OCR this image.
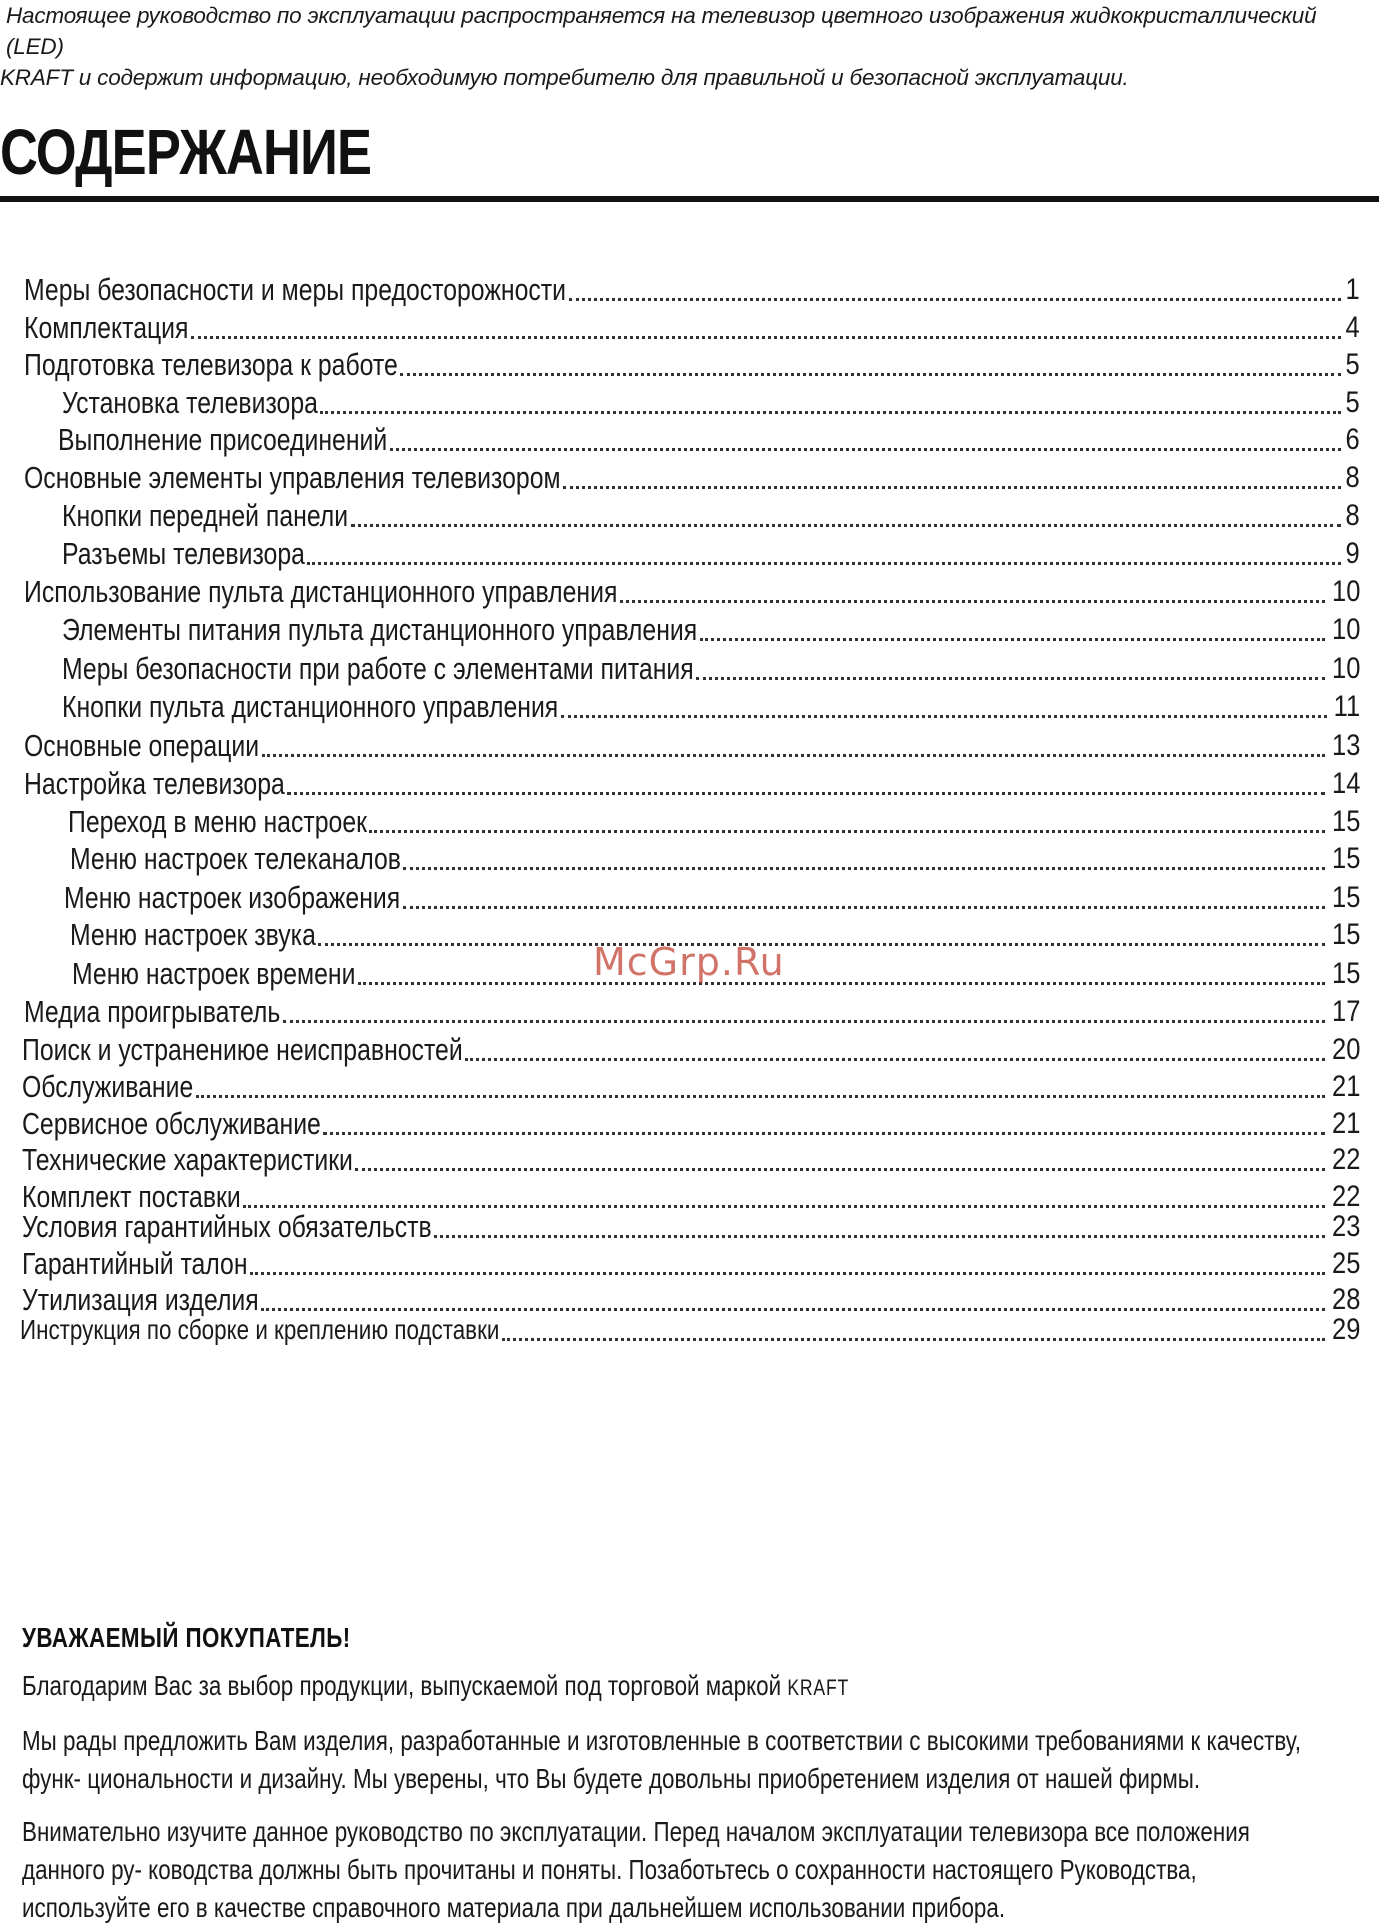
Настоящее руководство по эксплуатации распространяется на телевизор цветного изображения жидкокристаллический (LED)

KRAFT и содержит информацию, необходимую потребителю для правильной и безопасной эксплуатации.

СОДЕРЖАНИЕ
Меры безопасности и меры предосторожности	1
Комплектация	4
Подготовка телевизора к работе	5
Установка телевизора	5
Выполнение присоединений	6
Основные элементы управления телевизором	8
Кнопки передней панели	8
Разъемы телевизора	9
Использование пульта дистанционного управления	10
Элементы питания пульта дистанционного управления	10
Меры безопасности при работе с элементами питания	10
Кнопки пульта дистанционного управления	11
Основные операции	13
Настройка телевизора	14
Переход в меню настроек	15
Меню настроек телеканалов	15
Меню настроек изображения	15
Меню настроек звука	15
Меню настроек времени	15
Медиа проигрыватель	17
Поиск и устранениюе неисправностей	20
Обслуживание	21
Сервисное обслуживание	21
Технические характеристики	22
Комплект поставки	22
Условия гарантийных обязательств	23
Гарантийный талон	25
Утилизация изделия	28
Инструкция по сборке и креплению подставки	29
McGrp.Ru
УВАЖАЕМЫЙ ПОКУПАТЕЛЬ!

Благодарим Вас за выбор продукции, выпускаемой под торговой маркой KRAFT

Мы рады предложить Вам изделия, разработанные и изготовленные в соответствии с высокими требованиями к качеству,
функ- циональности и дизайну. Мы уверены, что Вы будете довольны приобретением изделия от нашей фирмы.

Внимательно изучите данное руководство по эксплуатации. Перед началом эксплуатации телевизора все положения
данного ру- ководства должны быть прочитаны и поняты. Позаботьтесь о сохранности настоящего Руководства,
используйте его в качестве справочного материала при дальнейшем использовании прибора.
